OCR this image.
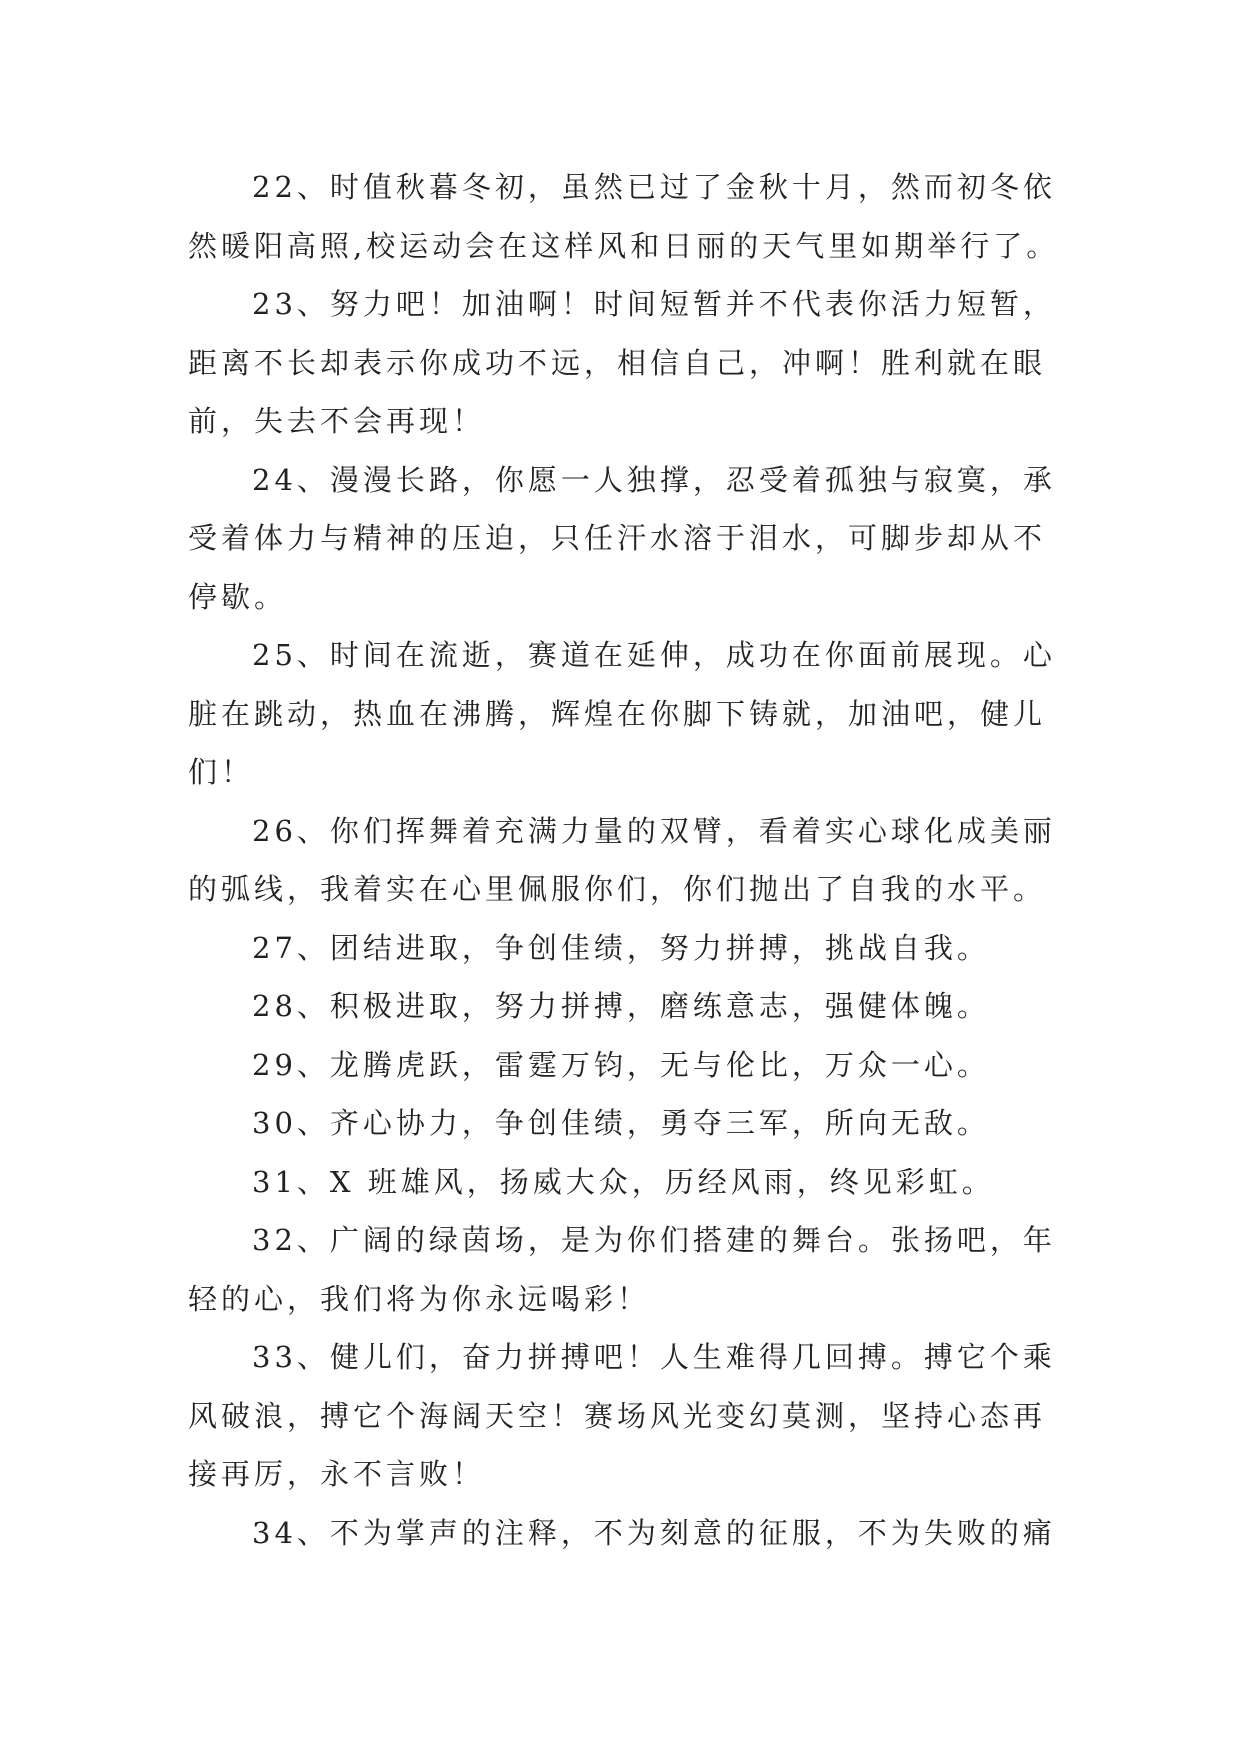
22、时值秋暮冬初，虽然已过了金秋十月，然而初冬依然暖阳高照,校运动会在这样风和日丽的天气里如期举行了。

23、努力吧！加油啊！时间短暂并不代表你活力短暂，距离不长却表示你成功不远，相信自己，冲啊！胜利就在眼前，失去不会再现！

24、漫漫长路，你愿一人独撑，忍受着孤独与寂寞，承受着体力与精神的压迫，只任汗水溶于泪水，可脚步却从不停歇。

25、时间在流逝，赛道在延伸，成功在你面前展现。心脏在跳动，热血在沸腾，辉煌在你脚下铸就，加油吧，健儿们！

26、你们挥舞着充满力量的双臂，看着实心球化成美丽的弧线，我着实在心里佩服你们，你们抛出了自我的水平。

27、团结进取，争创佳绩，努力拼搏，挑战自我。

28、积极进取，努力拼搏，磨练意志，强健体魄。

29、龙腾虎跃，雷霆万钧，无与伦比，万众一心。

30、齐心协力，争创佳绩，勇夺三军，所向无敌。

31、X 班雄风，扬威大众，历经风雨，终见彩虹。

32、广阔的绿茵场，是为你们搭建的舞台。张扬吧，年轻的心，我们将为你永远喝彩！

33、健儿们，奋力拼搏吧！人生难得几回搏。搏它个乘风破浪，搏它个海阔天空！赛场风光变幻莫测，坚持心态再接再厉，永不言败！

34、不为掌声的注释，不为刻意的征服，不为失败的痛
